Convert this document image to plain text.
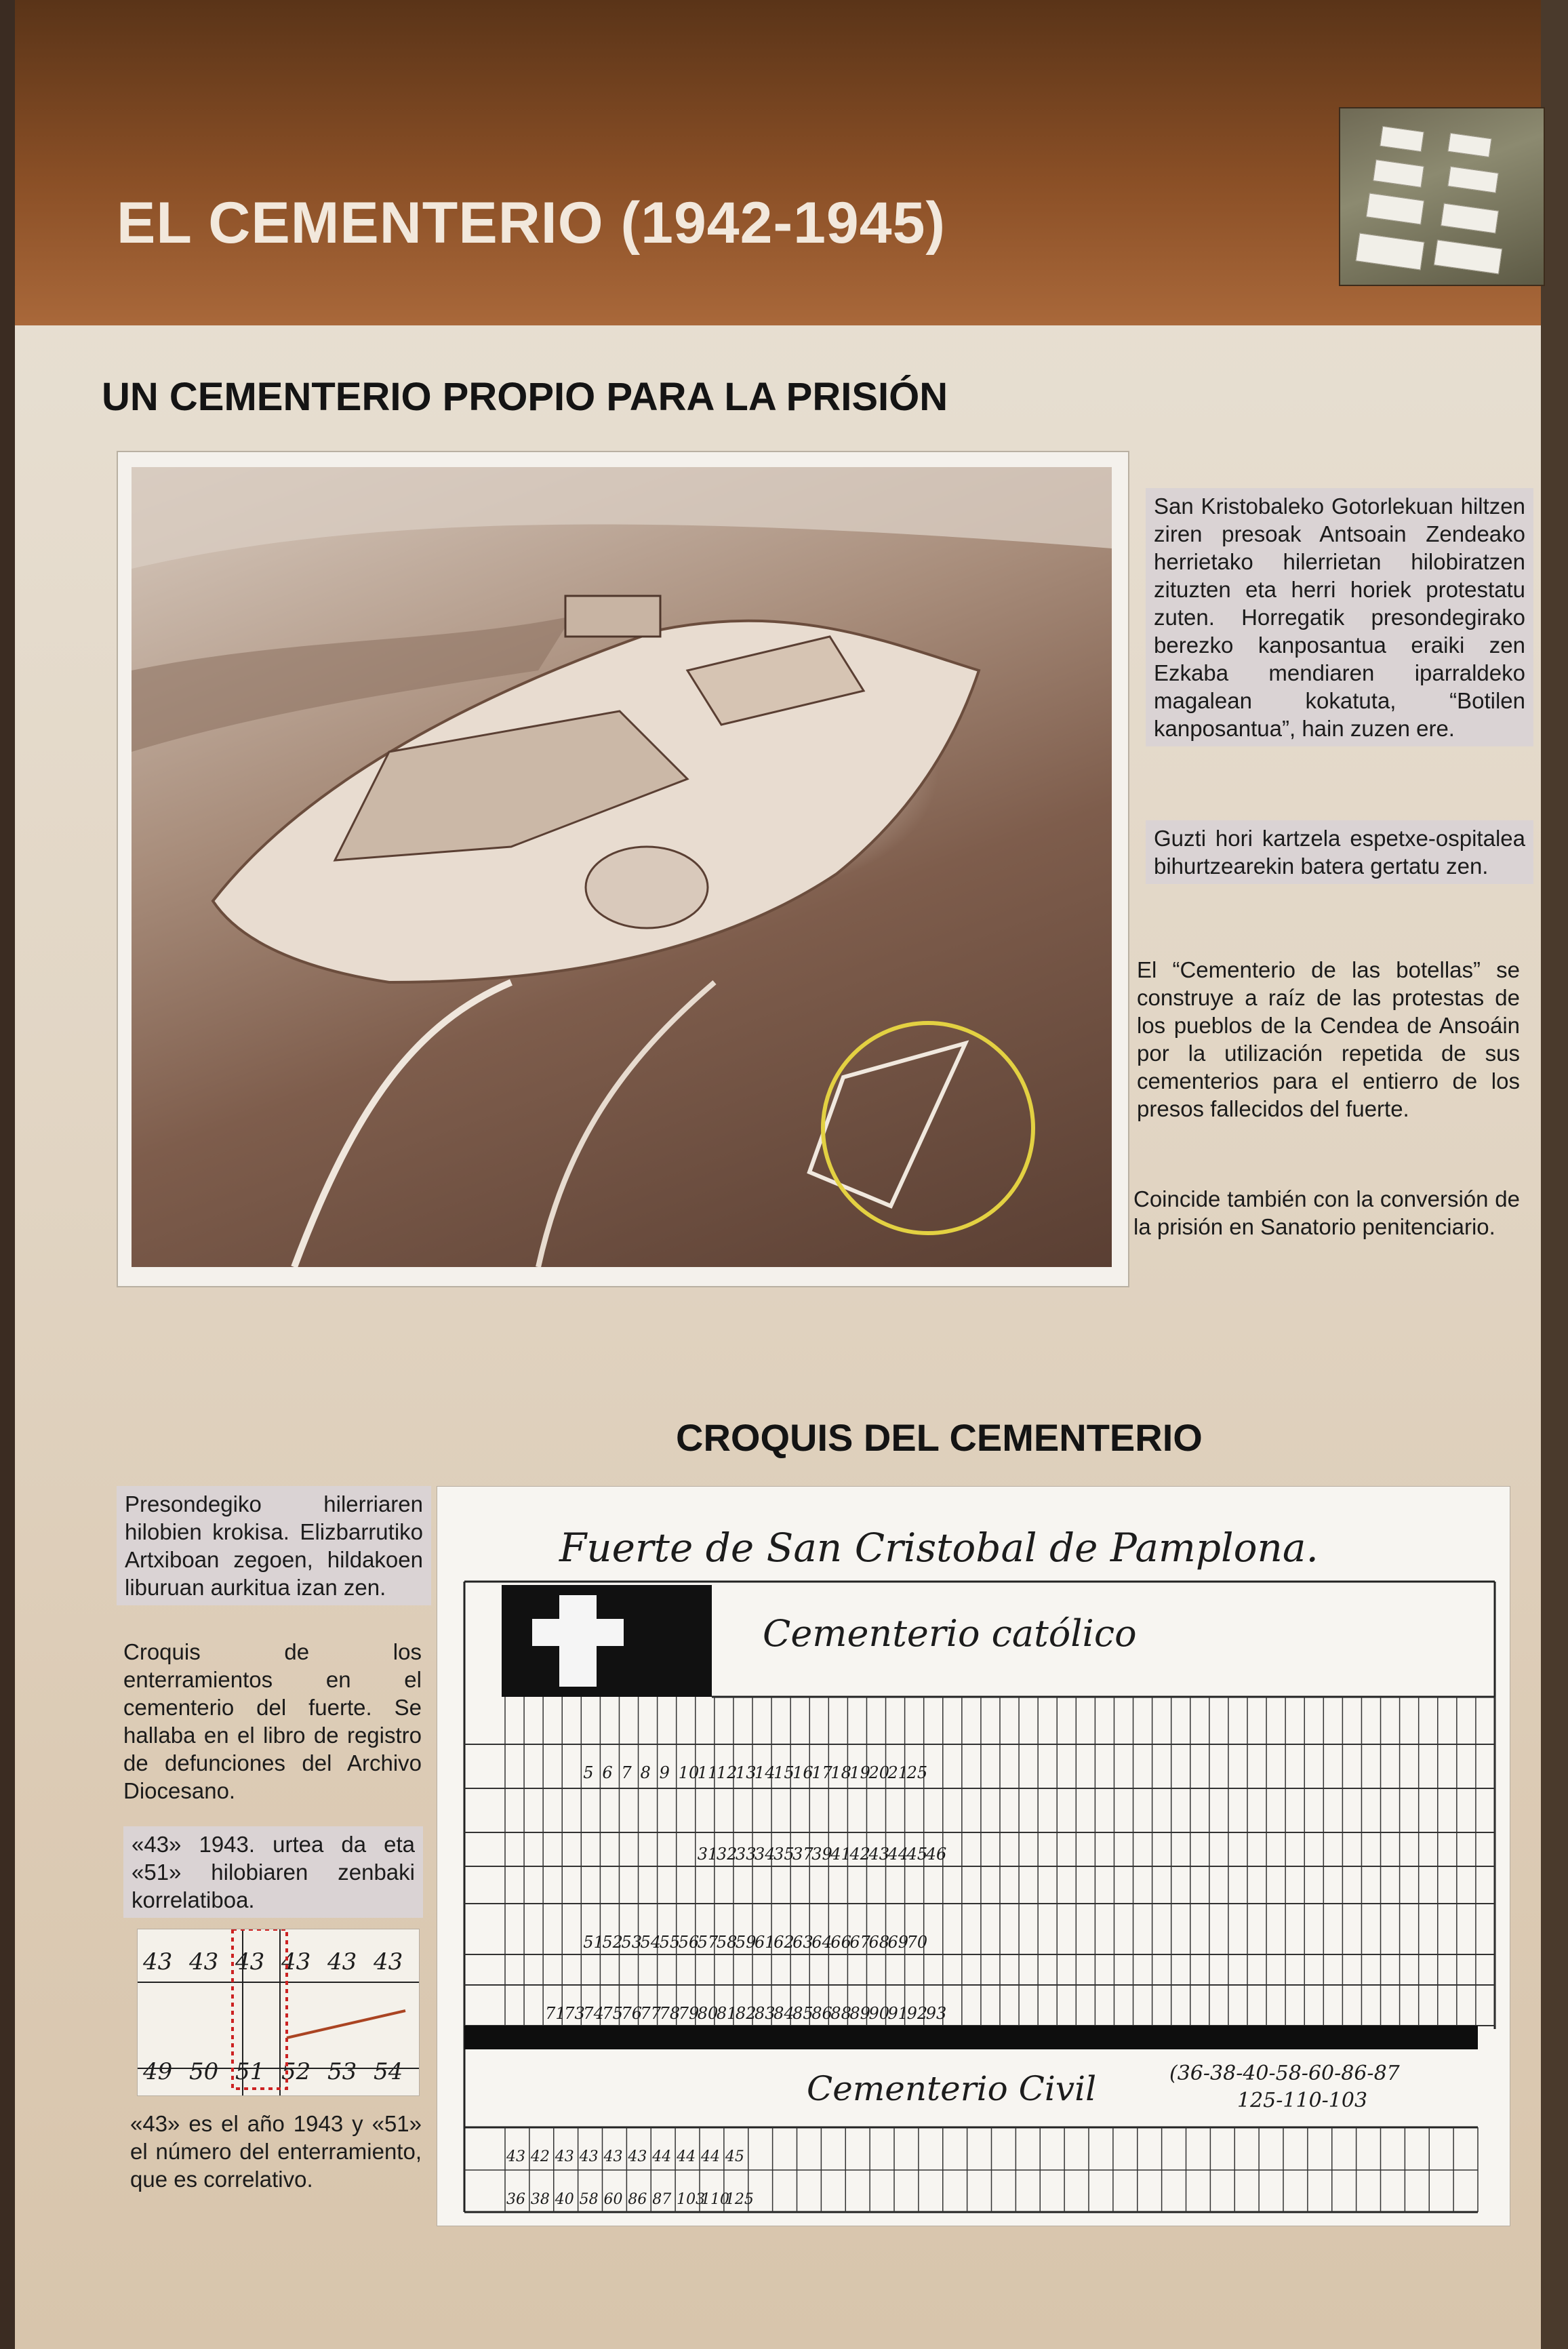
EL CEMENTERIO (1942-1945)
UN CEMENTERIO PROPIO PARA LA PRISIÓN
San Kristobaleko Gotorlekuan hiltzen ziren presoak Antsoain Zendeako herrietako hilerrietan hilobiratzen zituzten eta herri horiek protestatu zuten. Horregatik presondegirako berezko kanposantua eraiki zen Ezkaba mendiaren iparraldeko magalean kokatuta, “Botilen kanposantua”, hain zuzen ere.
Guzti hori kartzela espetxe-ospitalea bihurtzearekin batera gertatu zen.
El “Cementerio de las botellas” se construye a raíz de las protestas de los pueblos de la Cendea de Ansoáin por la utilización repetida de sus cementerios para el entierro de los presos fallecidos del fuerte.
Coincide también con la conversión de la prisión en Sanatorio penitenciario.
CROQUIS DEL CEMENTERIO
Presondegiko hilerriaren hilobien krokisa. Elizbarrutiko Artxiboan zegoen, hildakoen liburuan aurkitua izan zen.
Croquis de los enterramientos en el cementerio del fuerte. Se hallaba en el libro de registro de defunciones del Archivo Diocesano.
«43» 1943. urtea da eta «51» hilobiaren zenbaki korrelatiboa.
43 43 43 43 43 43
49 50 51 52 53 54
«43» es el año 1943 y «51» el número del enterramiento, que es correlativo.
Fuerte de San Cristobal de Pamplona.
Cementerio católico
5 6 7 8 9 10
11
12
13
14
15
16
17
18
19
20
21
25
31
32
33
34
35
37
39
41
42
43
44
45
46
51
52
53
54
55
56
57
58
59
61
62
63
64
66
67
68
69
70
71
73
74
75
76
77
78
79
80
81
82
83
84
85
86
88
89
90
91
92
93
Cementerio Civil	(36-38-40-58-60-86-87
125-110-103
43 42 43 43 43 43 44 44 44 45
36 38 40 58 60 86 87 103
110
125
